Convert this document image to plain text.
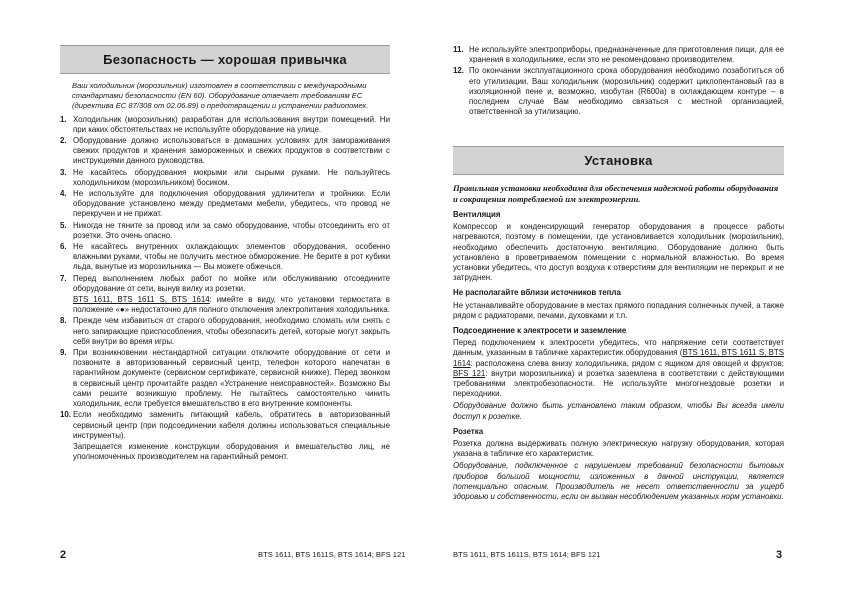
Безопасность — хорошая привычка
Ваш холодильник (морозильник) изготовлен в соответствии с международными стандартами безопасности (EN 60). Оборудование отвечает требованиям ЕС (директива ЕС 87/308 от 02.06.89) о предотвращении и устранении радиопомех.
1. Холодильник (морозильник) разработан для использования внутри помещений. Ни при каких обстоятельствах не используйте оборудование на улице.

2. Оборудование должно использоваться в домашних условиях для замораживания свежих продуктов и хранения замороженных и свежих продуктов в соответствии с инструкциями данного руководства.

3. Не касайтесь оборудования мокрыми или сырыми руками. Не пользуйтесь холодильником (морозильником) босиком.

4. Не используйте для подключения оборудования удлинители и тройники. Если оборудование установлено между предметами мебели, убедитесь, что провод не перекручен и не прижат.

5. Никогда не тяните за провод или за само оборудование, чтобы отсоединить его от розетки. Это очень опасно.

6. Не касайтесь внутренних охлаждающих элементов оборудования, особенно влажными руками, чтобы не получить местное обморожение. Не берите в рот кубики льда, вынутые из морозильника — Вы можете обжечься.

7. Перед выполнением любых работ по мойке или обслуживанию отсоедините оборудование от сети, вынув вилку из розетки.

BTS 1611, BTS 1611 S, BTS 1614: имейте в виду, что установки термостата в положение «●» недостаточно для полного отключения электропитания холодильника.

8. Прежде чем избавиться от старого оборудования, необходимо сломать или снять с него запирающие приспособления, чтобы обезопасить детей, которые могут закрыть себя внутри во время игры.

9. При возникновении нестандартной ситуации отключите оборудование от сети и позвоните в авторизованный сервисный центр, телефон которого напечатан в гарантийном документе (сервисном сертификате, сервисной книжке). Перед звонком в сервисный центр прочитайте раздел «Устранение неисправностей». Возможно Вы сами решите возникшую проблему. Не пытайтесь самостоятельно чинить холодильник, если требуется вмешательство в его внутренние компоненты.

10. Если необходимо заменить питающий кабель, обратитесь в авторизованный сервисный центр (при подсоединении кабеля должны использоваться специальные инструменты).

Запрещается изменение конструкции оборудования и вмешательство лиц, не уполномоченных производителем на гарантийный ремонт.

2	BTS 1611, BTS 1611S, BTS 1614; BFS 121
11. Не используйте электроприборы, предназначенные для приготовления пищи, для ее хранения в холодильнике, если это не рекомендовано производителем.

12. По окончании эксплуатационного срока оборудования необходимо позаботиться об его утилизации. Ваш холодильник (морозильник) содержит циклопентановый газ в изоляционной пене и, возможно, изобутан (R600a) в охлаждающем контуре – в последнем случае Вам необходимо связаться с местной организацией, ответственной за утилизацию.

Установка
Правильная установка необходима для обеспечения надежной работы оборудования и сокращения потребляемой им электроэнергии.
Вентиляция

Компрессор и конденсирующий генератор оборудования в процессе работы нагреваются, поэтому в помещении, где установливается холодильник (морозильник), необходимо обеспечить достаточную вентиляцию. Оборудование должно быть установлено в проветриваемом помещении с нормальной влажностью. Во время установки убедитесь, что доступ воздуха к отверстиям для вентиляции не перекрыт и не затруднен.

Не располагайте вблизи источников тепла

Не устанавливайте оборудование в местах прямого попадания солнечных лучей, а также рядом с радиаторами, печами, духовками и т.п.

Подсоединение к электросети и заземление

Перед подключением к электросети убедитесь, что напряжение сети соответствует данным, указанным в табличке характеристик оборудования (BTS 1611, BTS 1611 S, BTS 1614: расположена слева внизу холодильника, рядом с ящиком для овощей и фруктов; BFS 121: внутри морозильника) и розетка заземлена в соответствии с действующими требованиями электробезопасности. Не используйте многогнездовые розетки и переходники.

Оборудование должно быть установлено таким образом, чтобы Вы всегда имели доступ к розетке.

Розетка

Розетка должна выдерживать полную электрическую нагрузку оборудования, которая указана в табличке его характеристик.

Оборудование, подключенное с нарушением требований безопасности бытовых приборов большой мощности, изложенных в данной инструкции, является потенциально опасным. Производитель не несет ответственности за ущерб здоровью и собственности, если он вызван несоблюдением указанных норм установки.

BTS 1611, BTS 1611S, BTS 1614; BFS 121	3
